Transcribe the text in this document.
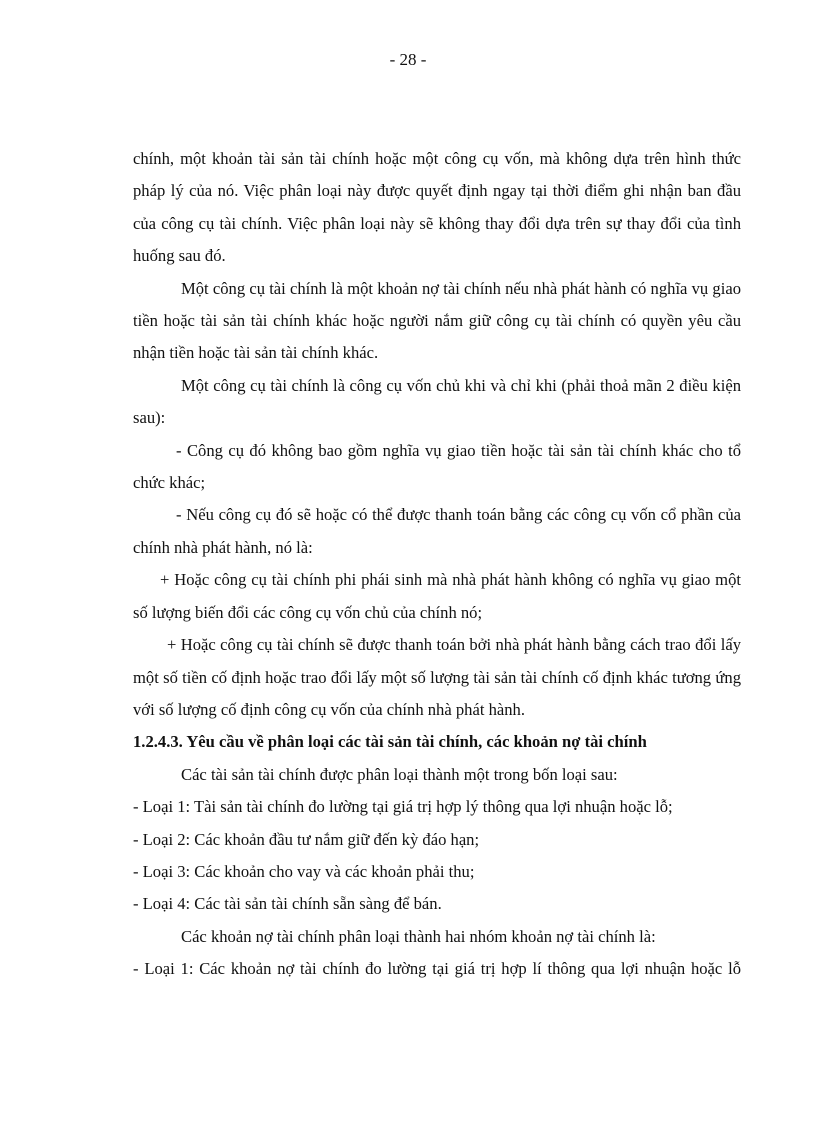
- 28 -

chính, một khoản tài sản tài chính hoặc một công cụ vốn, mà không dựa trên hình thức pháp lý của nó. Việc phân loại này được quyết định ngay tại thời điểm ghi nhận ban đầu của công cụ tài chính. Việc phân loại này sẽ không thay đổi dựa trên sự thay đổi của tình huống sau đó.

Một công cụ tài chính là một khoản nợ tài chính nếu nhà phát hành có nghĩa vụ giao tiền hoặc tài sản tài chính khác hoặc người nắm giữ công cụ tài chính có quyền yêu cầu nhận tiền hoặc tài sản tài chính khác.

Một công cụ tài chính là công cụ vốn chủ khi và chỉ khi (phải thoả mãn 2 điều kiện sau):

- Công cụ đó không bao gồm nghĩa vụ giao tiền hoặc tài sản tài chính khác cho tổ chức khác;

- Nếu công cụ đó sẽ hoặc có thể được thanh toán bằng các công cụ vốn cổ phần của chính nhà phát hành, nó là:

+ Hoặc công cụ tài chính phi phái sinh mà nhà phát hành không có nghĩa vụ giao một số lượng biến đổi các công cụ vốn chủ của chính nó;

+ Hoặc công cụ tài chính sẽ được thanh toán bởi nhà phát hành bằng cách trao đổi lấy một số tiền cố định hoặc trao đổi lấy một số lượng tài sản tài chính cố định khác tương ứng với số lượng cố định công cụ vốn của chính nhà phát hành.

1.2.4.3. Yêu cầu về phân loại các tài sản tài chính, các khoản nợ tài chính

Các tài sản tài chính được phân loại thành một trong bốn loại sau:

- Loại 1: Tài sản tài chính đo lường tại giá trị hợp lý thông qua lợi nhuận hoặc lỗ;

- Loại 2: Các khoản đầu tư nắm giữ đến kỳ đáo hạn;

- Loại 3: Các khoản cho vay và các khoản phải thu;

- Loại 4: Các tài sản tài chính sẵn sàng để bán.

Các khoản nợ tài chính phân loại thành hai nhóm khoản nợ tài chính là:

- Loại 1: Các khoản nợ tài chính đo lường tại giá trị hợp lí thông qua lợi nhuận hoặc lỗ
